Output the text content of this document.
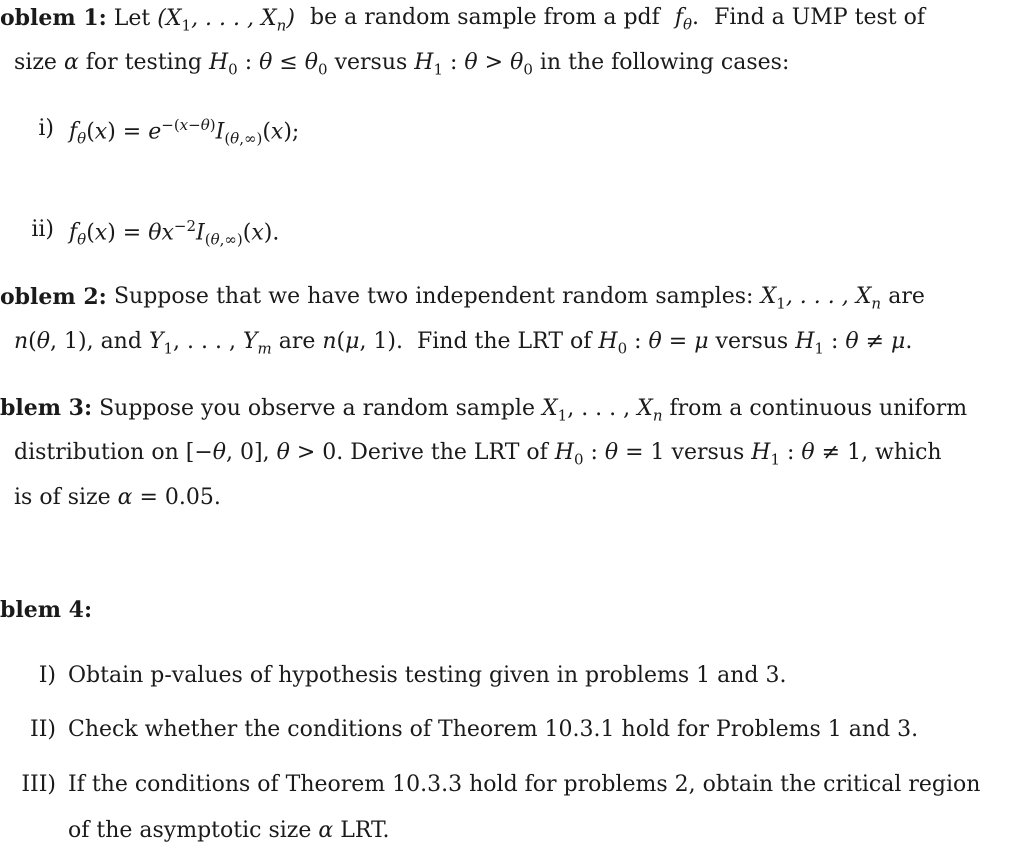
oblem 1: Let ($X_1$, . . . , $X_n$) be a random sample from a pdf $f_\theta$. Find a UMP test of
size α for testing $H_0$ : $\theta \le \theta_0$ versus $H_1$ : $\theta > \theta_0$ in the following cases:
i) $f_\theta(x) = e^{-(x-\theta)}I_{(\theta,\infty)}(x)$;
ii) $f_\theta(x) = \theta x^{-2}I_{(\theta,\infty)}(x)$.
oblem 2: Suppose that we have two independent random samples: $X_1$, . . . , $X_n$ are
n(θ, 1), and $Y_1$, . . . , $Y_m$ are n(μ, 1).  Find the LRT of $H_0$ : θ = μ versus $H_1$ : θ ≠ μ.
blem 3: Suppose you observe a random sample $X_1$, . . . , $X_n$ from a continuous uniform
distribution on [−θ, 0], θ > 0. Derive the LRT of $H_0$ : θ = 1 versus $H_1$ : θ ≠ 1, which
is of size α = 0.05.
blem 4:
I) Obtain p-values of hypothesis testing given in problems 1 and 3.
II) Check whether the conditions of Theorem 10.3.1 hold for Problems 1 and 3.
III) If the conditions of Theorem 10.3.3 hold for problems 2, obtain the critical region
of the asymptotic size α LRT.
